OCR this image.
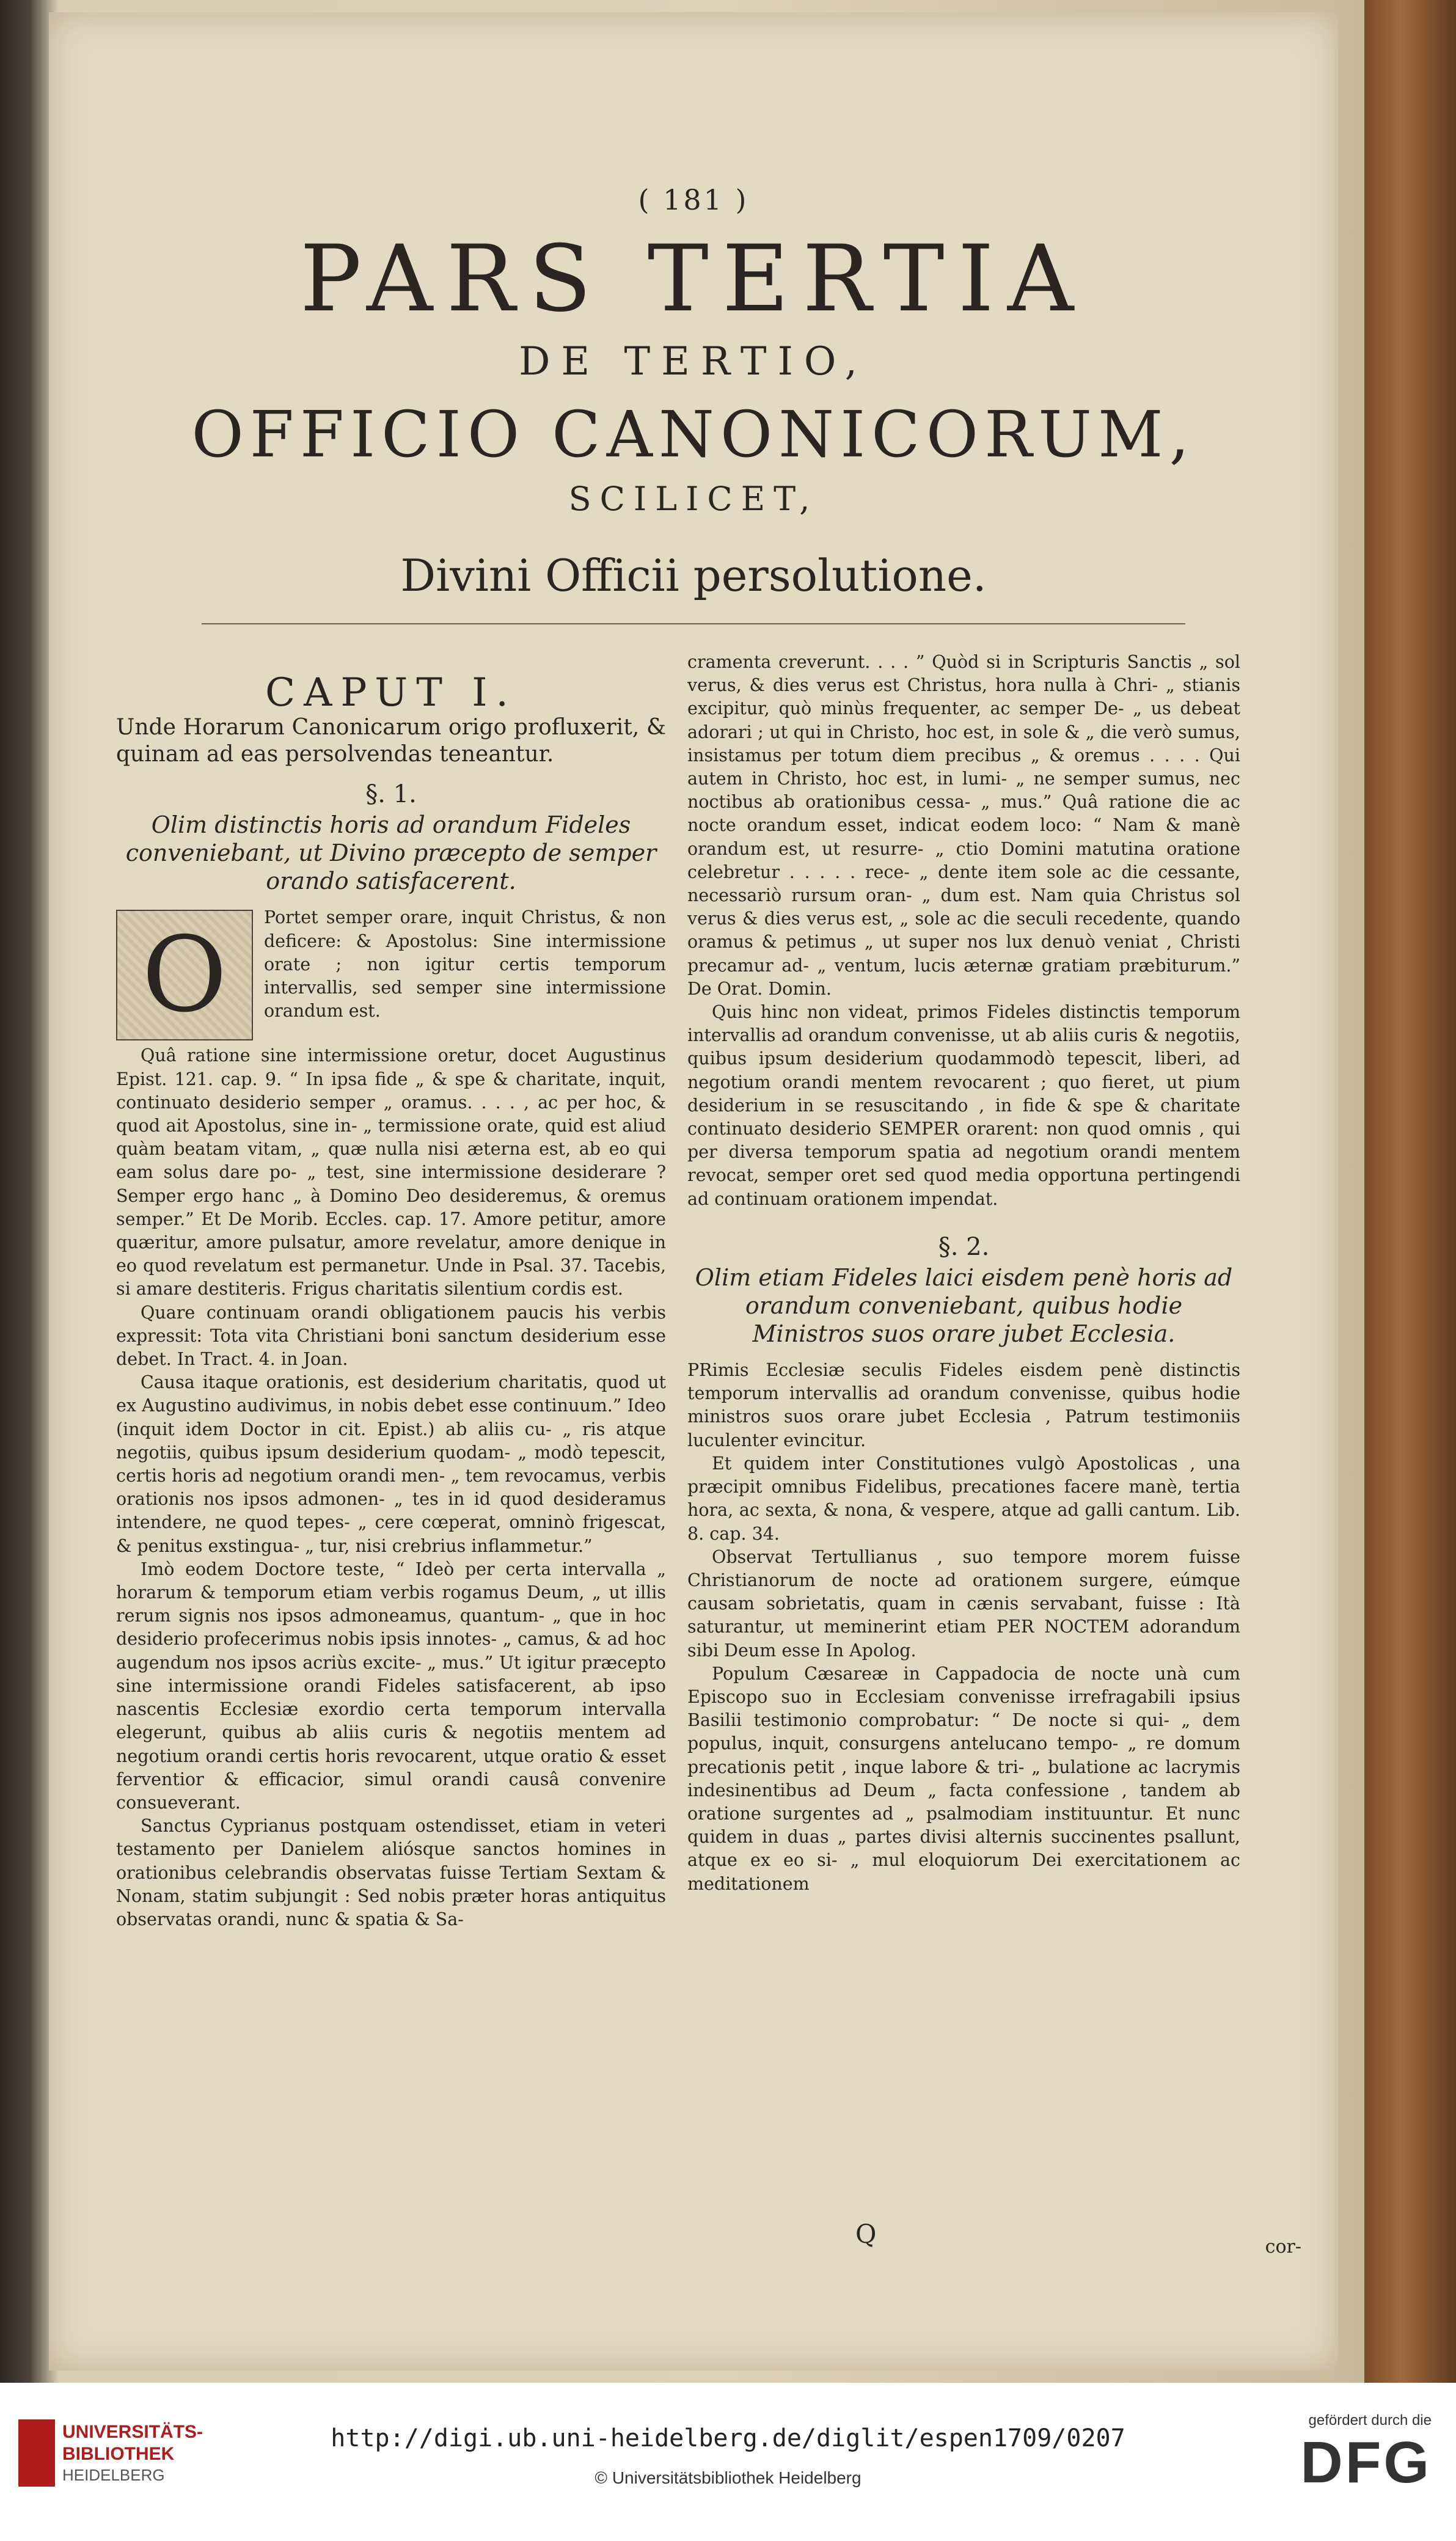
( 181 )
PARS TERTIA
DE TERTIO,
OFFICIO CANONICORUM,
SCILICET,
Divini Officii persolutione.

CAPUT I.

Unde Horarum Canonicarum origo profluxerit, & quinam ad eas persolvendas teneantur.

§. 1.

Olim distinctis horis ad orandum Fideles conveniebant, ut Divino præcepto de semper orando satisfacerent.

O	Portet semper orare, inquit Christus, & non deficere: & Apostolus: Sine intermissione orate ; non igitur certis temporum intervallis, sed semper sine intermissione orandum est.

Quâ ratione sine intermissione oretur, docet Augustinus Epist. 121. cap. 9. “ In ipsa fide „ & spe & charitate, inquit, continuato desiderio semper „ oramus. . . . , ac per hoc, & quod ait Apostolus, sine in- „ termissione orate, quid est aliud quàm beatam vitam, „ quæ nulla nisi æterna est, ab eo qui eam solus dare po- „ test, sine intermissione desiderare ? Semper ergo hanc „ à Domino Deo desideremus, & oremus semper.” Et De Morib. Eccles. cap. 17. Amore petitur, amore quæritur, amore pulsatur, amore revelatur, amore denique in eo quod revelatum est permanetur. Unde in Psal. 37. Tacebis, si amare destiteris. Frigus charitatis silentium cordis est.

Quare continuam orandi obligationem paucis his verbis expressit: Tota vita Christiani boni sanctum desiderium esse debet. In Tract. 4. in Joan.

Causa itaque orationis, est desiderium charitatis, quod ut ex Augustino audivimus, in nobis debet esse continuum.” Ideo (inquit idem Doctor in cit. Epist.) ab aliis cu- „ ris atque negotiis, quibus ipsum desiderium quodam- „ modò tepescit, certis horis ad negotium orandi men- „ tem revocamus, verbis orationis nos ipsos admonen- „ tes in id quod desideramus intendere, ne quod tepes- „ cere cœperat, omninò frigescat, & penitus exstingua- „ tur, nisi crebrius inflammetur.”

Imò eodem Doctore teste, “ Ideò per certa intervalla „ horarum & temporum etiam verbis rogamus Deum, „ ut illis rerum signis nos ipsos admoneamus, quantum- „ que in hoc desiderio profecerimus nobis ipsis innotes- „ camus, & ad hoc augendum nos ipsos acriùs excite- „ mus.” Ut igitur præcepto sine intermissione orandi Fideles satisfacerent, ab ipso nascentis Ecclesiæ exordio certa temporum intervalla elegerunt, quibus ab aliis curis & negotiis mentem ad negotium orandi certis horis revocarent, utque oratio & esset ferventior & efficacior, simul orandi causâ convenire consueverant.

Sanctus Cyprianus postquam ostendisset, etiam in veteri testamento per Danielem aliósque sanctos homines in orationibus celebrandis observatas fuisse Tertiam Sextam & Nonam, statim subjungit : Sed nobis præter horas antiquitus observatas orandi, nunc & spatia & Sa-

cramenta creverunt. . . . ” Quòd si in Scripturis Sanctis „ sol verus, & dies verus est Christus, hora nulla à Chri- „ stianis excipitur, quò minùs frequenter, ac semper De- „ us debeat adorari ; ut qui in Christo, hoc est, in sole & „ die verò sumus, insistamus per totum diem precibus „ & oremus . . . . Qui autem in Christo, hoc est, in lumi- „ ne semper sumus, nec noctibus ab orationibus cessa- „ mus.” Quâ ratione die ac nocte orandum esset, indicat eodem loco: “ Nam & manè orandum est, ut resurre- „ ctio Domini matutina oratione celebretur . . . . . rece- „ dente item sole ac die cessante, necessariò rursum oran- „ dum est. Nam quia Christus sol verus & dies verus est, „ sole ac die seculi recedente, quando oramus & petimus „ ut super nos lux denuò veniat , Christi precamur ad- „ ventum, lucis æternæ gratiam præbiturum.” De Orat. Domin.

Quis hinc non videat, primos Fideles distinctis temporum intervallis ad orandum convenisse, ut ab aliis curis & negotiis, quibus ipsum desiderium quodammodò tepescit, liberi, ad negotium orandi mentem revocarent ; quo fieret, ut pium desiderium in se resuscitando , in fide & spe & charitate continuato desiderio SEMPER orarent: non quod omnis , qui per diversa temporum spatia ad negotium orandi mentem revocat, semper oret sed quod media opportuna pertingendi ad continuam orationem impendat.

§. 2.

Olim etiam Fideles laici eisdem penè horis ad orandum conveniebant, quibus hodie Ministros suos orare jubet Ecclesia.

PRimis Ecclesiæ seculis Fideles eisdem penè distinctis temporum intervallis ad orandum convenisse, quibus hodie ministros suos orare jubet Ecclesia , Patrum testimoniis luculenter evincitur.

Et quidem inter Constitutiones vulgò Apostolicas , una præcipit omnibus Fidelibus, precationes facere manè, tertia hora, ac sexta, & nona, & vespere, atque ad galli cantum. Lib. 8. cap. 34.

Observat Tertullianus , suo tempore morem fuisse Christianorum de nocte ad orationem surgere, eúmque causam sobrietatis, quam in cænis servabant, fuisse : Ità saturantur, ut meminerint etiam PER NOCTEM adorandum sibi Deum esse In Apolog.

Populum Cæsareæ in Cappadocia de nocte unà cum Episcopo suo in Ecclesiam convenisse irrefragabili ipsius Basilii testimonio comprobatur: “ De nocte si qui- „ dem populus, inquit, consurgens antelucano tempo- „ re domum precationis petit , inque labore & tri- „ bulatione ac lacrymis indesinentibus ad Deum „ facta confessione , tandem ab oratione surgentes ad „ psalmodiam instituuntur. Et nunc quidem in duas „ partes divisi alternis succinentes psallunt, atque ex eo si- „ mul eloquiorum Dei exercitationem ac meditationem

Q	cor-
UNIVERSITÄTS-
BIBLIOTHEK
HEIDELBERG
http://digi.ub.uni-heidelberg.de/diglit/espen1709/0207
© Universitätsbibliothek Heidelberg
gefördert durch die
DFG
